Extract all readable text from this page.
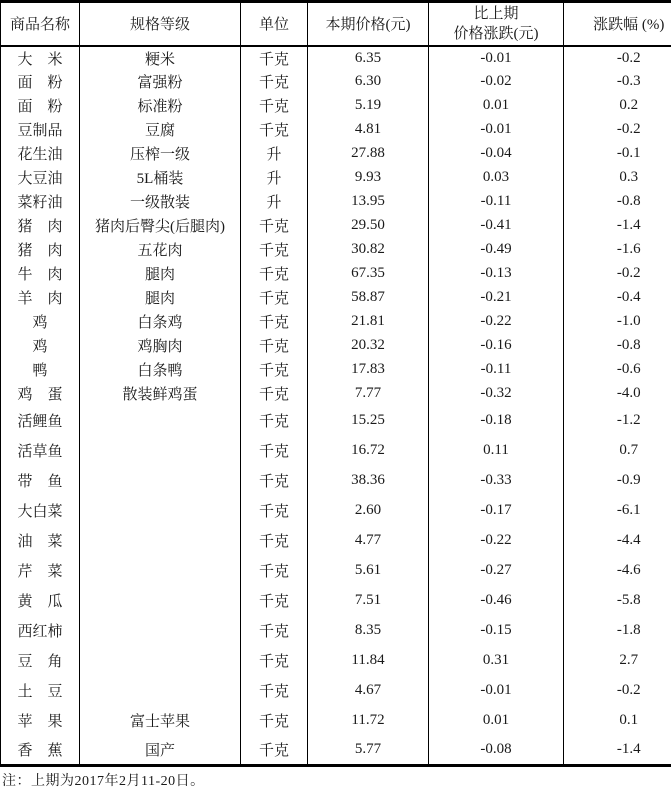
商品名称	规格等级	单位	本期价格(元)	比上期
价格涨跌(元)	涨跌幅 (%)
大　米	粳米	千克	6.35	-0.01	-0.2
面　粉	富强粉	千克	6.30	-0.02	-0.3
面　粉	标准粉	千克	5.19	0.01	0.2
豆制品	豆腐	千克	4.81	-0.01	-0.2
花生油	压榨一级	升	27.88	-0.04	-0.1
大豆油	5L桶装	升	9.93	0.03	0.3
菜籽油	一级散装	升	13.95	-0.11	-0.8
猪　肉	猪肉后臀尖(后腿肉)	千克	29.50	-0.41	-1.4
猪　肉	五花肉	千克	30.82	-0.49	-1.6
牛　肉	腿肉	千克	67.35	-0.13	-0.2
羊　肉	腿肉	千克	58.87	-0.21	-0.4
鸡	白条鸡	千克	21.81	-0.22	-1.0
鸡	鸡胸肉	千克	20.32	-0.16	-0.8
鸭	白条鸭	千克	17.83	-0.11	-0.6
鸡　蛋	散装鲜鸡蛋	千克	7.77	-0.32	-4.0
活鲤鱼		千克	15.25	-0.18	-1.2
活草鱼		千克	16.72	0.11	0.7
带　鱼		千克	38.36	-0.33	-0.9
大白菜		千克	2.60	-0.17	-6.1
油　菜		千克	4.77	-0.22	-4.4
芹　菜		千克	5.61	-0.27	-4.6
黄　瓜		千克	7.51	-0.46	-5.8
西红柿		千克	8.35	-0.15	-1.8
豆　角		千克	11.84	0.31	2.7
土　豆		千克	4.67	-0.01	-0.2
苹　果	富士苹果	千克	11.72	0.01	0.1
香　蕉	国产	千克	5.77	-0.08	-1.4
注：上期为2017年2月11-20日。
